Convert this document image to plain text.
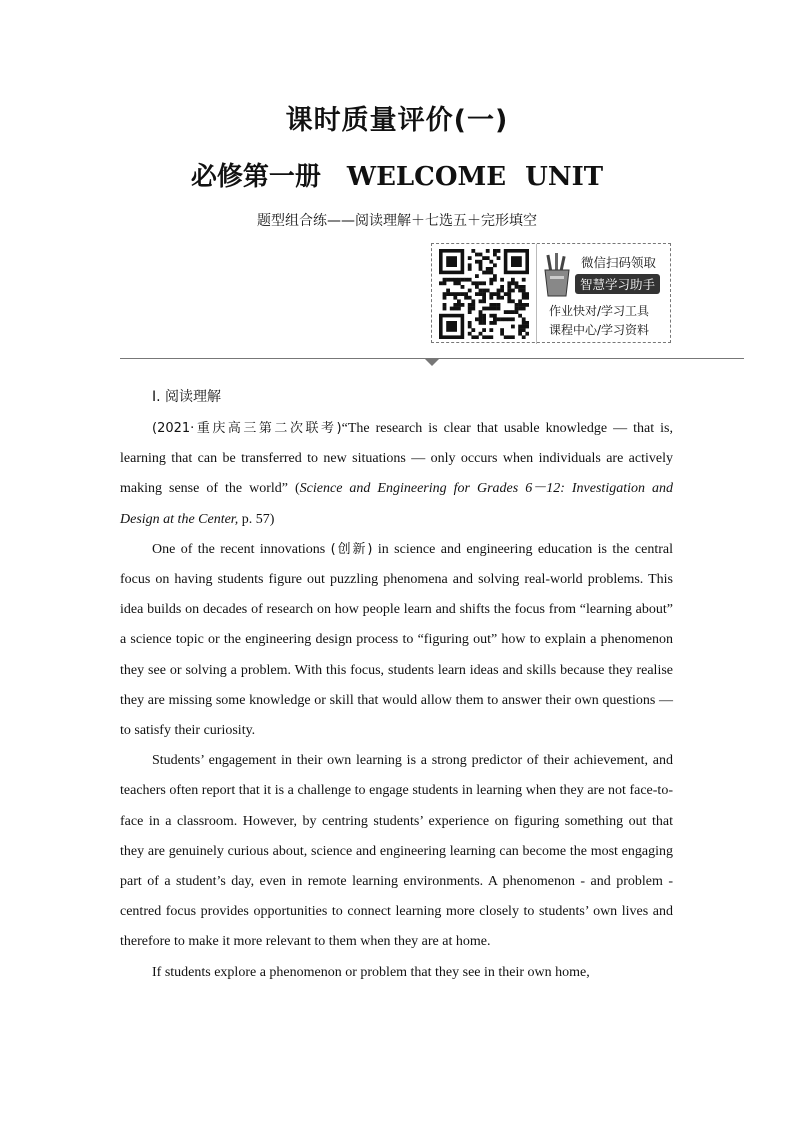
课时质量评价(一)
必修第一册　WELCOME UNIT
题型组合练——阅读理解＋七选五＋完形填空
微信扫码领取
智慧学习助手
作业快对/学习工具
课程中心/学习资料
Ⅰ. 阅读理解

(2021·重庆高三第二次联考)“The research is clear that usable knowledge — that is, learning that can be transferred to new situations — only occurs when individuals are actively making sense of the world” (Science and Engineering for Grades 6－12: Investigation and Design at the Center, p. 57)

One of the recent innovations (创新) in science and engineering education is the central focus on having students figure out puzzling phenomena and solving real-world problems. This idea builds on decades of research on how people learn and shifts the focus from “learning about” a science topic or the engineering design process to “figuring out” how to explain a phenomenon they see or solving a problem. With this focus, students learn ideas and skills because they realise they are missing some knowledge or skill that would allow them to answer their own questions — to satisfy their curiosity.

Students’ engagement in their own learning is a strong predictor of their achievement, and teachers often report that it is a challenge to engage students in learning when they are not face-to-face in a classroom. However, by centring students’ experience on figuring something out that they are genuinely curious about, science and engineering learning can become the most engaging part of a student’s day, even in remote learning environments. A phenomenon - and problem - centred focus provides opportunities to connect learning more closely to students’ own lives and therefore to make it more relevant to them when they are at home.

If students explore a phenomenon or problem that they see in their own home,
